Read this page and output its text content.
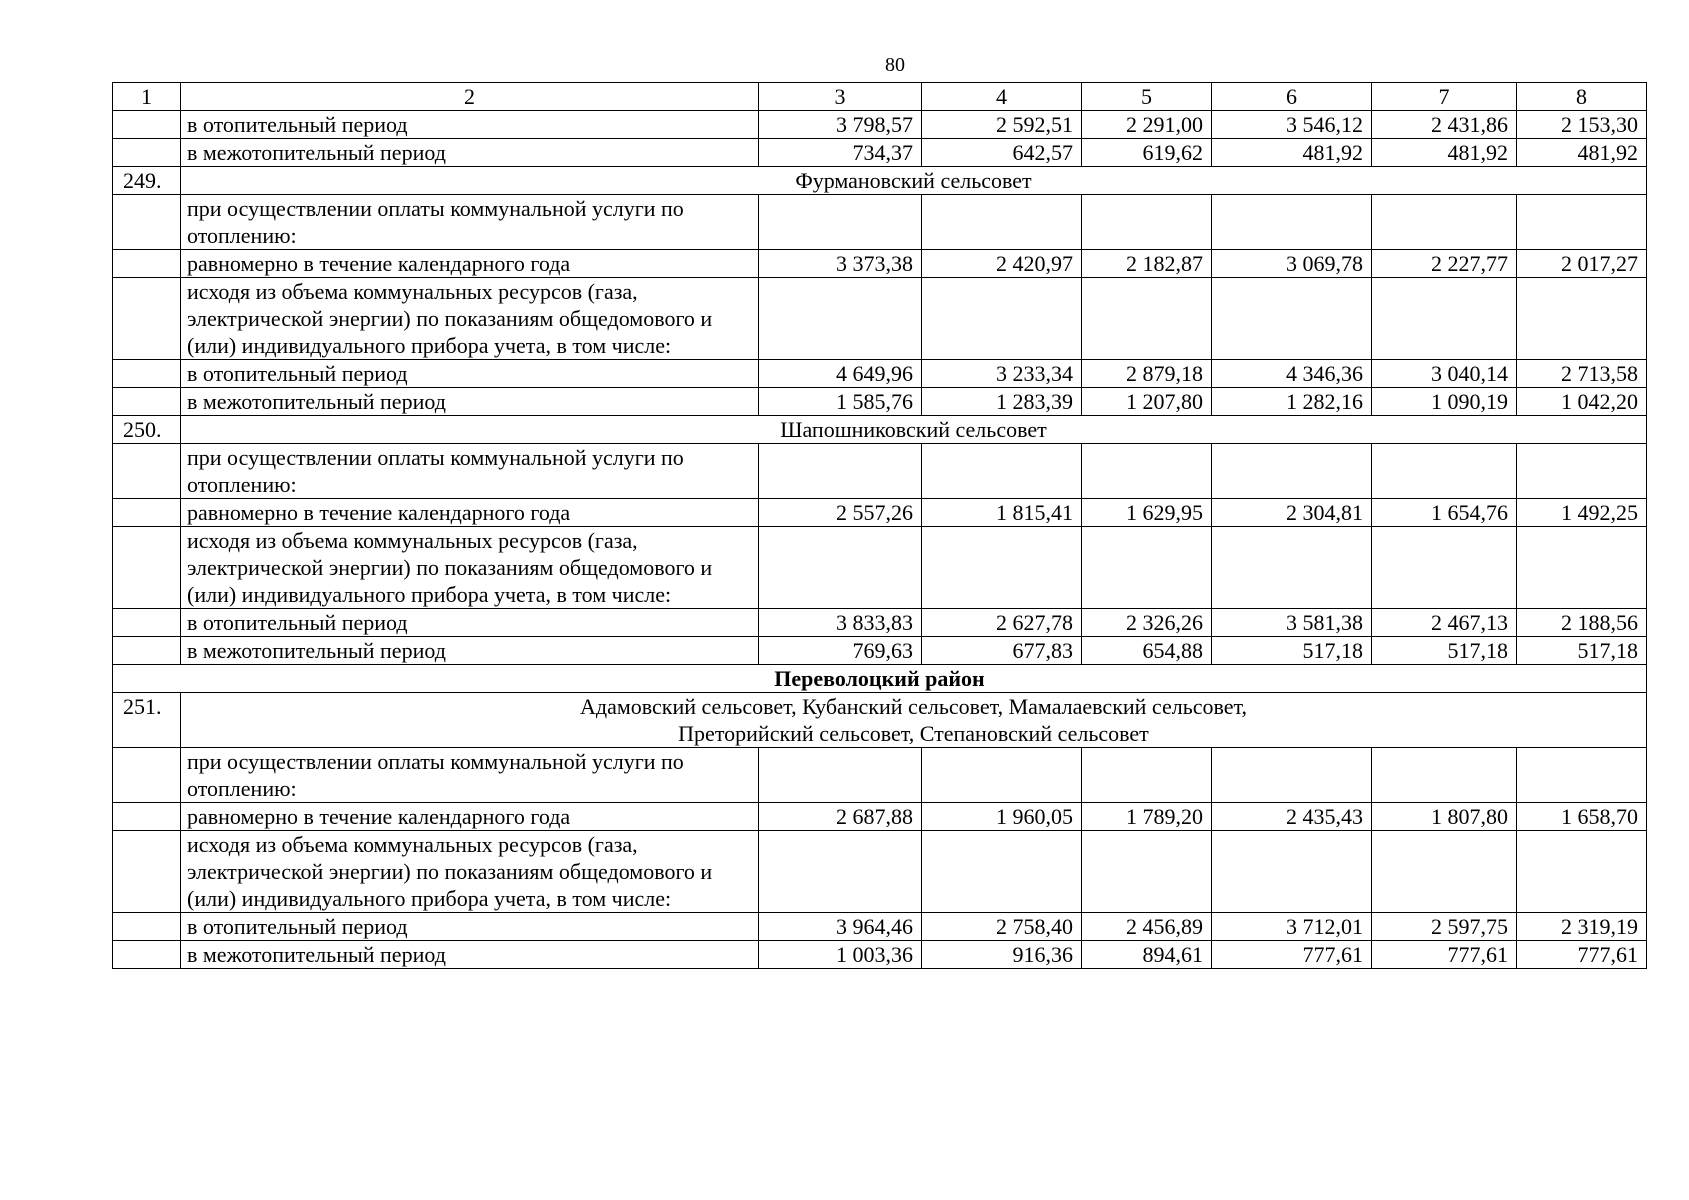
80
1	2	3	4	5	6	7	8
	в отопительный период	3 798,57	2 592,51	2 291,00	3 546,12	2 431,86	2 153,30
	в межотопительный период	734,37	642,57	619,62	481,92	481,92	481,92
249.	Фурмановский сельсовет						
	при осуществлении оплаты коммунальной услуги по отоплению:						
	равномерно в течение календарного года	3 373,38	2 420,97	2 182,87	3 069,78	2 227,77	2 017,27
	исходя из объема коммунальных ресурсов (газа, электрической энергии) по показаниям общедомового и (или) индивидуального прибора учета, в том числе:						
	в отопительный период	4 649,96	3 233,34	2 879,18	4 346,36	3 040,14	2 713,58
	в межотопительный период	1 585,76	1 283,39	1 207,80	1 282,16	1 090,19	1 042,20
250.	Шапошниковский сельсовет						
	при осуществлении оплаты коммунальной услуги по отоплению:						
	равномерно в течение календарного года	2 557,26	1 815,41	1 629,95	2 304,81	1 654,76	1 492,25
	исходя из объема коммунальных ресурсов (газа, электрической энергии) по показаниям общедомового и (или) индивидуального прибора учета, в том числе:						
	в отопительный период	3 833,83	2 627,78	2 326,26	3 581,38	2 467,13	2 188,56
	в межотопительный период	769,63	677,83	654,88	517,18	517,18	517,18
Переволоцкий район							
251.	Адамовский сельсовет, Кубанский сельсовет, Мамалаевский сельсовет,
Преторийский сельсовет, Степановский сельсовет						

	при осуществлении оплаты коммунальной услуги по отоплению:						
	равномерно в течение календарного года	2 687,88	1 960,05	1 789,20	2 435,43	1 807,80	1 658,70
	исходя из объема коммунальных ресурсов (газа, электрической энергии) по показаниям общедомового и (или) индивидуального прибора учета, в том числе:						
	в отопительный период	3 964,46	2 758,40	2 456,89	3 712,01	2 597,75	2 319,19
	в межотопительный период	1 003,36	916,36	894,61	777,61	777,61	777,61
